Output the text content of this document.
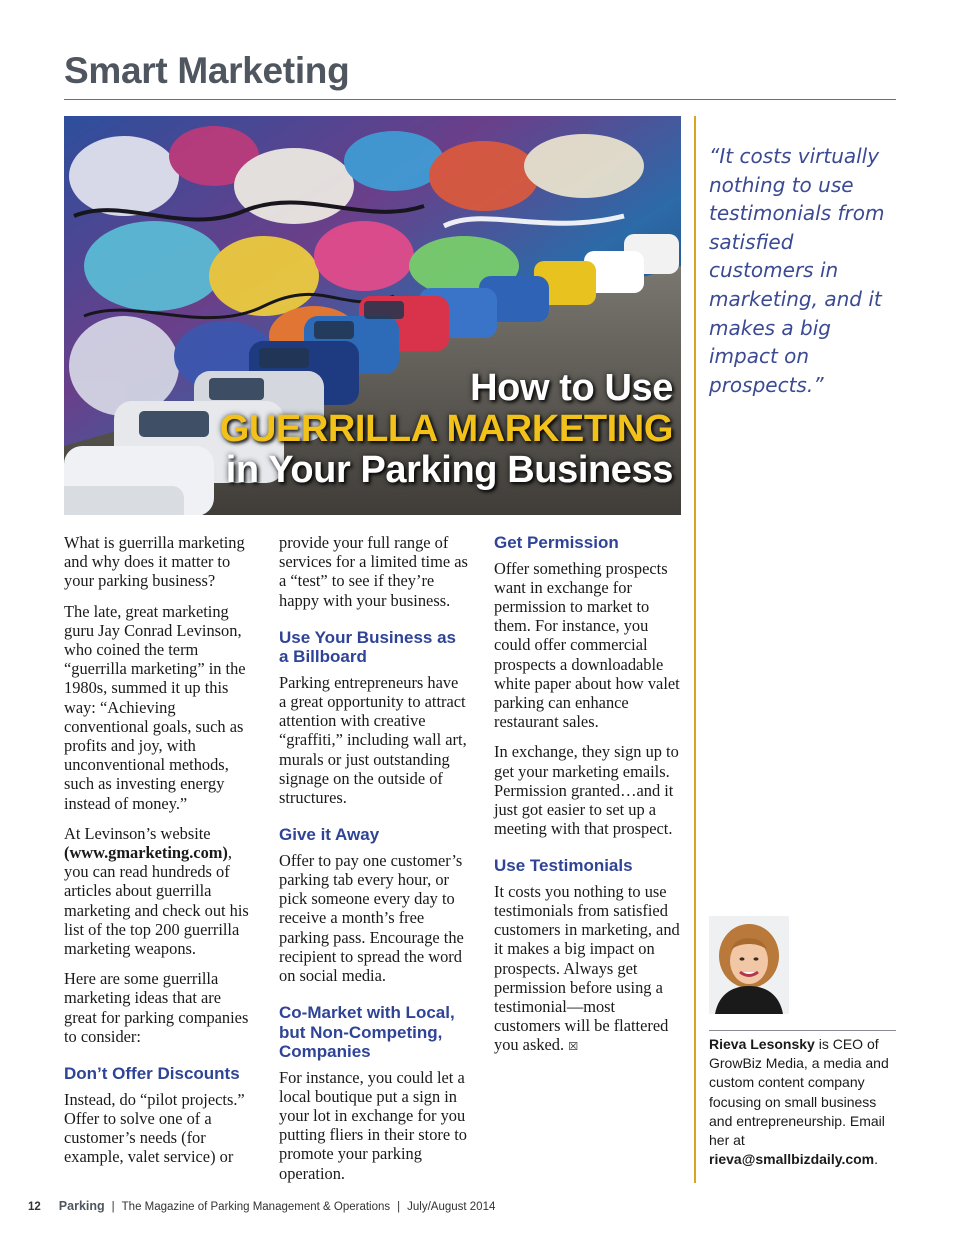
Smart Marketing
How to Use
GUERRILLA MARKETING
in Your Parking Business
“It costs virtually nothing to use testimonials from satisfied customers in marketing, and it makes a big impact on prospects.”

What is guerrilla marketing and why does it matter to your parking business?

The late, great marketing guru Jay Conrad Levinson, who coined the term “guerrilla marketing” in the 1980s, summed it up this way: “Achieving conventional goals, such as profits and joy, with unconventional methods, such as investing energy instead of money.”

At Levinson’s website (www.gmarketing.com), you can read hundreds of articles about guerrilla marketing and check out his list of the top 200 guerrilla marketing weapons.

Here are some guerrilla marketing ideas that are great for parking companies to consider:

Don’t Offer Discounts

Instead, do “pilot projects.” Offer to solve one of a customer’s needs (for example, valet service) or

provide your full range of services for a limited time as a “test” to see if they’re happy with your business.

Use Your Business as a Billboard

Parking entrepreneurs have a great opportunity to attract attention with creative “graffiti,” including wall art, murals or just outstanding signage on the outside of structures.

Give it Away

Offer to pay one customer’s parking tab every hour, or pick someone every day to receive a month’s free parking pass. Encourage the recipient to spread the word on social media.

Co-Market with Local, but Non-Competing, Companies

For instance, you could let a local boutique put a sign in your lot in exchange for you putting fliers in their store to promote your parking operation.

Get Permission

Offer something prospects want in exchange for permission to market to them. For instance, you could offer commercial prospects a downloadable white paper about how valet parking can enhance restaurant sales.

In exchange, they sign up to get your marketing emails. Permission granted…and it just got easier to set up a meeting with that prospect.

Use Testimonials

It costs you nothing to use testimonials from satisfied customers in marketing, and it makes a big impact on prospects. Always get permission before using a testimonial—most customers will be flattered you asked. ☒	Rieva Lesonsky is CEO of GrowBiz Media, a media and custom content company focusing on small business and entrepreneurship. Email her at rieva@smallbizdaily.com.
12 Parking | The Magazine of Parking Management & Operations | July/August 2014
